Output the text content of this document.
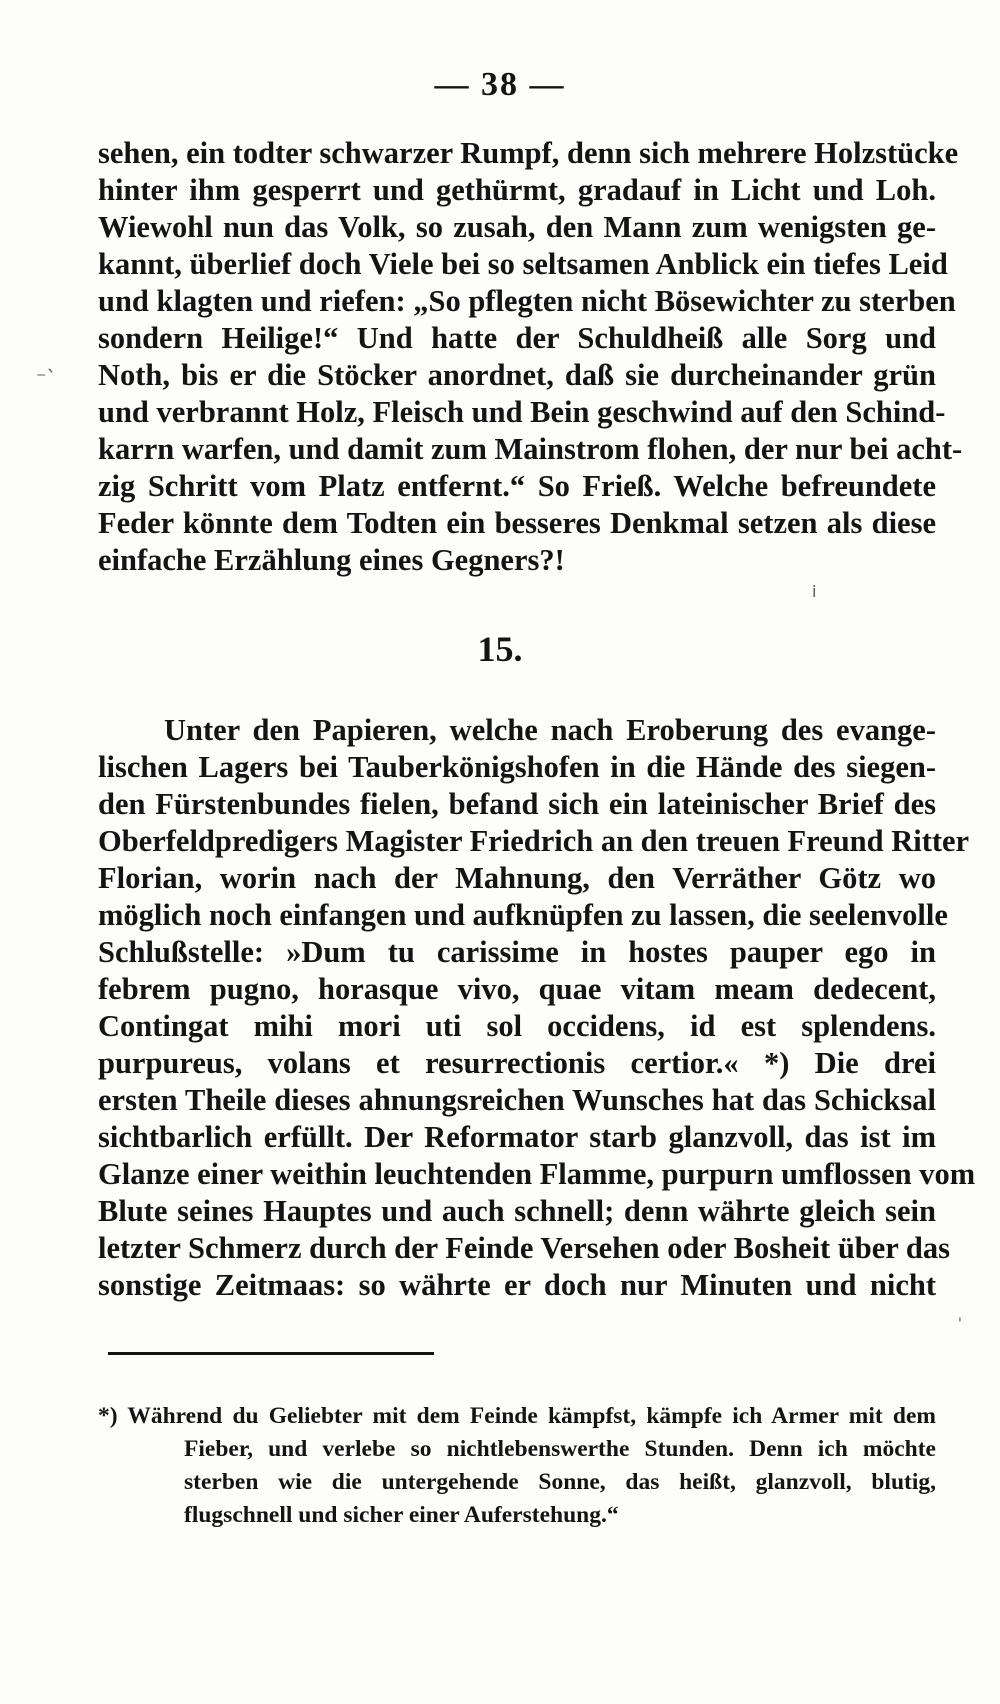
— 38 —
sehen, ein todter schwarzer Rumpf, denn sich mehrere Holzstücke
hinter ihm gesperrt und gethürmt, gradauf in Licht und Loh.
Wiewohl nun das Volk, so zusah, den Mann zum wenigsten ge-
kannt, überlief doch Viele bei so seltsamen Anblick ein tiefes Leid
und klagten und riefen: „So pflegten nicht Bösewichter zu sterben
sondern Heilige!“ Und hatte der Schuldheiß alle Sorg und
Noth, bis er die Stöcker anordnet, daß sie durcheinander grün
und verbrannt Holz, Fleisch und Bein geschwind auf den Schind-
karrn warfen, und damit zum Mainstrom flohen, der nur bei acht-
zig Schritt vom Platz entfernt.“ So Frieß. Welche befreundete
Feder könnte dem Todten ein besseres Denkmal setzen als diese
einfache Erzählung eines Gegners?!
15.
Unter den Papieren, welche nach Eroberung des evange-
lischen Lagers bei Tauberkönigshofen in die Hände des siegen-
den Fürstenbundes fielen, befand sich ein lateinischer Brief des
Oberfeldpredigers Magister Friedrich an den treuen Freund Ritter
Florian, worin nach der Mahnung, den Verräther Götz wo
möglich noch einfangen und aufknüpfen zu lassen, die seelenvolle
Schlußstelle: »Dum tu carissime in hostes pauper ego in
febrem pugno, horasque vivo, quae vitam meam dedecent,
Contingat mihi mori uti sol occidens, id est splendens.
purpureus, volans et resurrectionis certior.« *) Die drei
ersten Theile dieses ahnungsreichen Wunsches hat das Schicksal
sichtbarlich erfüllt. Der Reformator starb glanzvoll, das ist im
Glanze einer weithin leuchtenden Flamme, purpurn umflossen vom
Blute seines Hauptes und auch schnell; denn währte gleich sein
letzter Schmerz durch der Feinde Versehen oder Bosheit über das
sonstige Zeitmaas: so währte er doch nur Minuten und nicht
*) Während du Geliebter mit dem Feinde kämpfst, kämpfe ich Armer mit dem
Fieber, und verlebe so nichtlebenswerthe Stunden. Denn ich möchte
sterben wie die untergehende Sonne, das heißt, glanzvoll, blutig,
flugschnell und sicher einer Auferstehung.“
⁻`
ⅰ
'
